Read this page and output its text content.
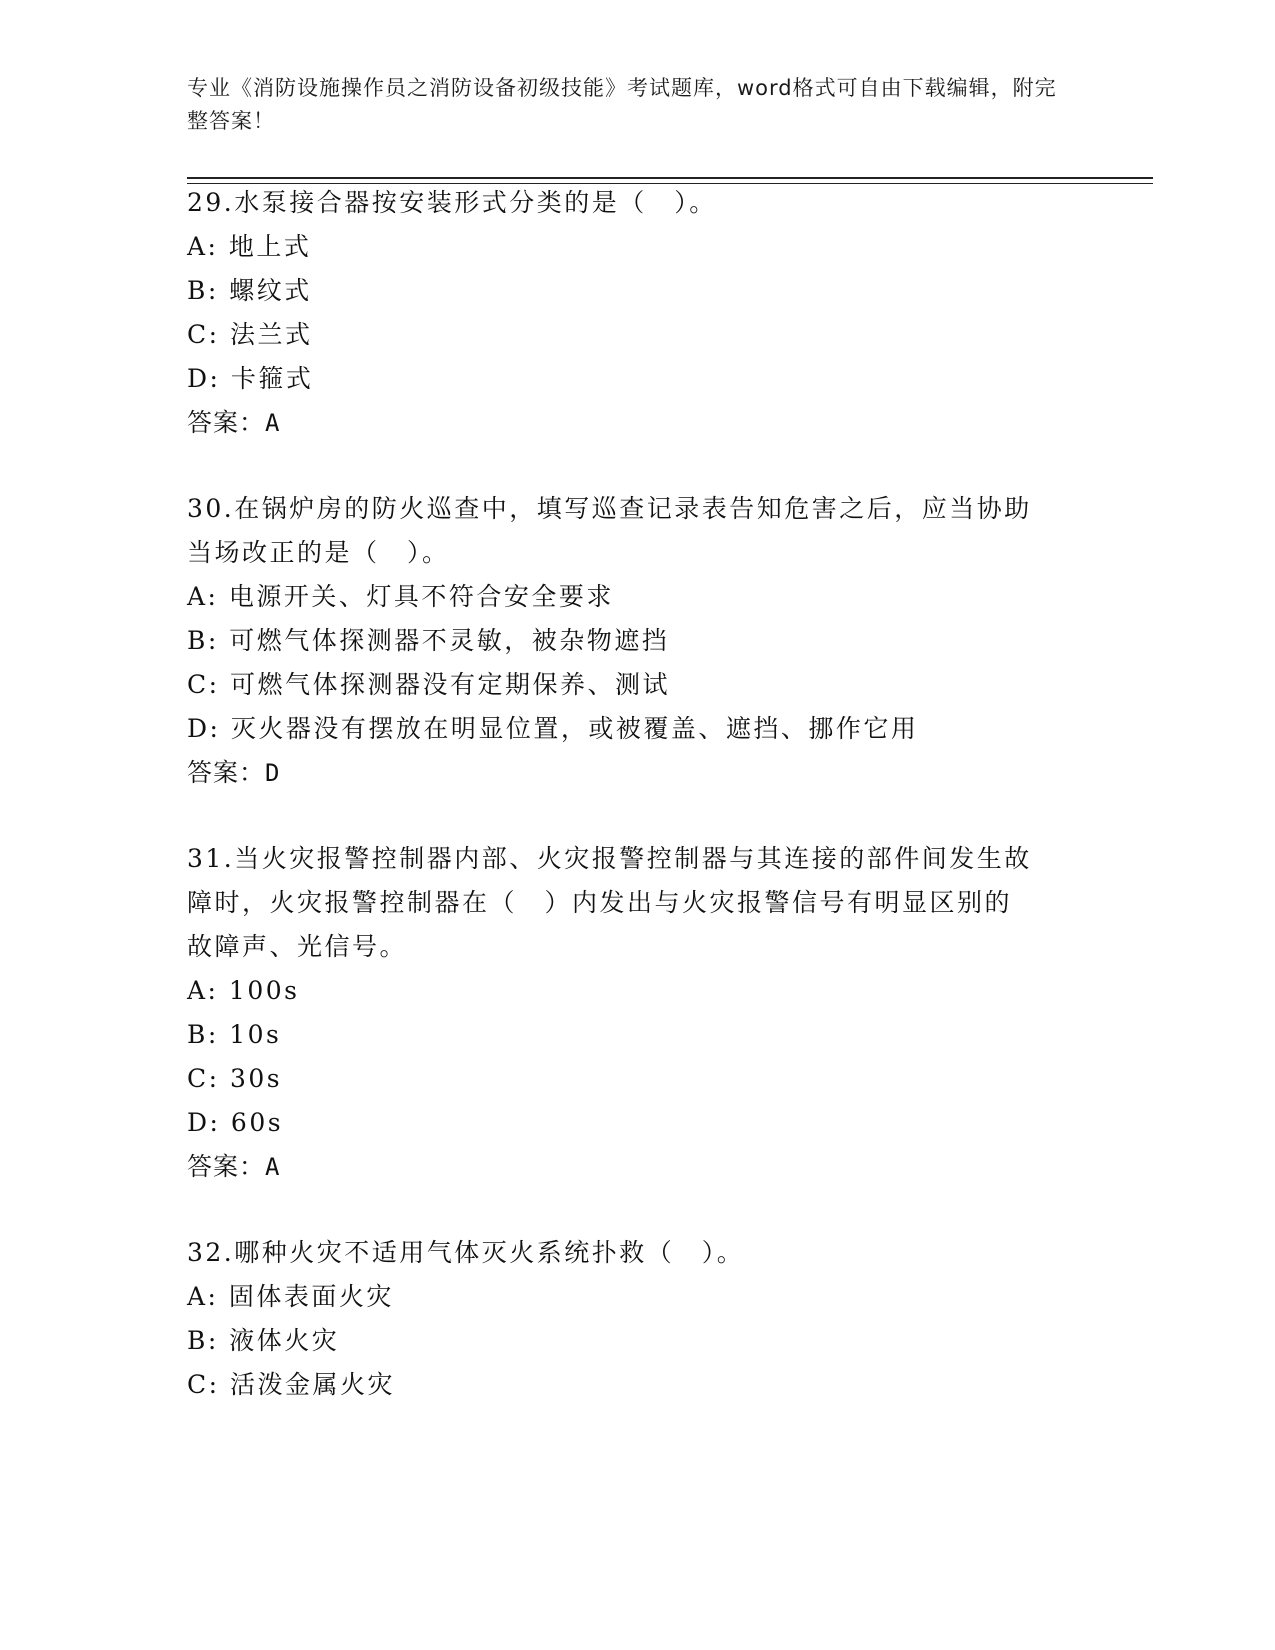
专业《消防设施操作员之消防设备初级技能》考试题库，word格式可自由下载编辑，附完整答案！
29.水泵接合器按安装形式分类的是（　）。
A: 地上式
B: 螺纹式
C: 法兰式
D: 卡箍式
答案：A
30.在锅炉房的防火巡查中，填写巡查记录表告知危害之后，应当协助
当场改正的是（　）。
A: 电源开关、灯具不符合安全要求
B: 可燃气体探测器不灵敏，被杂物遮挡
C: 可燃气体探测器没有定期保养、测试
D: 灭火器没有摆放在明显位置，或被覆盖、遮挡、挪作它用
答案：D
31.当火灾报警控制器内部、火灾报警控制器与其连接的部件间发生故
障时，火灾报警控制器在（　）内发出与火灾报警信号有明显区别的
故障声、光信号。
A: 100s
B: 10s
C: 30s
D: 60s
答案：A
32.哪种火灾不适用气体灭火系统扑救（　）。
A: 固体表面火灾
B: 液体火灾
C: 活泼金属火灾
